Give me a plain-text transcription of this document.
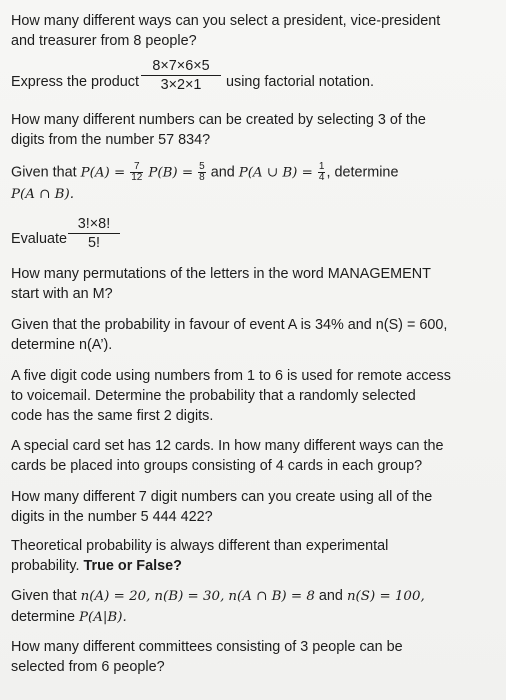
How many different ways can you select a president, vice-president
and treasurer from 8 people?
Express the product $\frac{8\times 7\times 6\times 5}{3\times 2\times 1}$ using factorial notation.
How many different numbers can be created by selecting 3 of the
digits from the number 57 834?
Given that $P(A) = \frac{7}{12} P(B) = \frac{5}{8}$ and P(A ∪ $B) = \frac{1}{4}$ , determine
P(A ∩ B).
Evaluate $\frac{3!\times 8!}{5!}$
How many permutations of the letters in the word MANAGEMENT
start with an M?
Given that the probability in favour of event A is 34% and n(S) = 600,
determine n(A’).
A five digit code using numbers from 1 to 6 is used for remote access
to voicemail. Determine the probability that a randomly selected
code has the same first 2 digits.
A special card set has 12 cards. In how many different ways can the
cards be placed into groups consisting of 4 cards in each group?
How many different 7 digit numbers can you create using all of the
digits in the number 5 444 422?
Theoretical probability is always different than experimental
probability. True or False?
Given that n(A) = 20, n(B) = 30, n(A ∩ B) = 8 and n(S) = 100,
determine P(A|B).
How many different committees consisting of 3 people can be
selected from 6 people?
